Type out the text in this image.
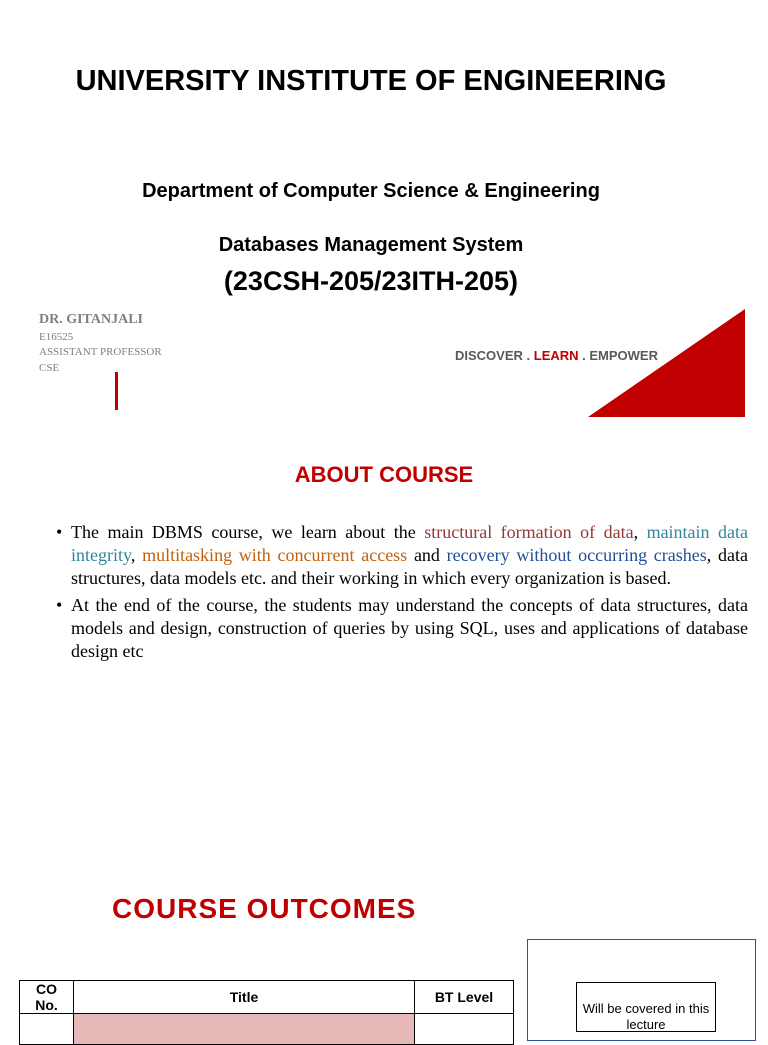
UNIVERSITY INSTITUTE OF ENGINEERING
Department of Computer Science & Engineering
Databases Management System
(23CSH-205/23ITH-205)
DR. GITANJALI
E16525
ASSISTANT PROFESSOR
CSE
DISCOVER . LEARN . EMPOWER
ABOUT COURSE
• The main DBMS course, we learn about the structural formation of data, maintain data integrity, multitasking with concurrent access and recovery without occurring crashes, data structures, data models etc. and their working in which every organization is based.
• At the end of the course, the students may understand the concepts of data structures, data models and design, construction of queries by using SQL, uses and applications of database design etc
COURSE OUTCOMES
CO No.	Title	BT Level

Will be covered in this lecture
